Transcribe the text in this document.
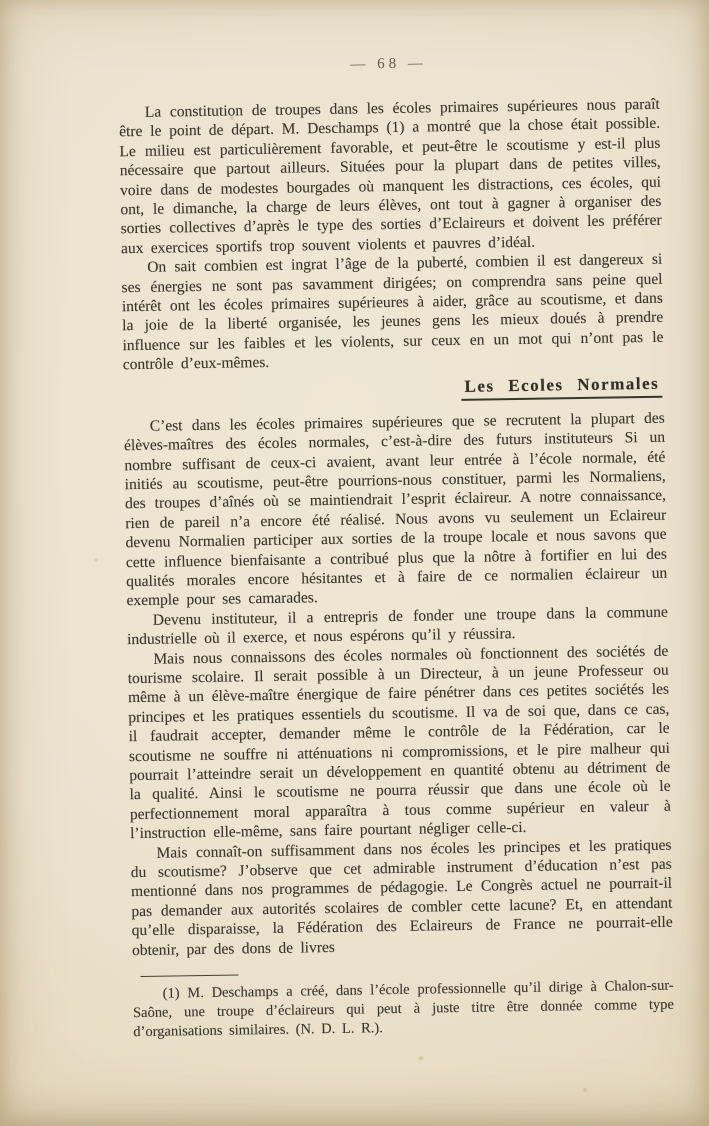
— 68 —

La constitution de troupes dans les écoles primaires supérieures nous paraît être le point de départ. M. Deschamps (1) a montré que la chose était possible. Le milieu est particulièrement favorable, et peut-être le scoutisme y est-il plus nécessaire que partout ailleurs. Situées pour la plupart dans de petites villes, voire dans de modestes bourgades où manquent les distractions, ces écoles, qui ont, le dimanche, la charge de leurs élèves, ont tout à gagner à organiser des sorties collectives d’après le type des sorties d’Eclaireurs et doivent les préférer aux exercices sportifs trop souvent violents et pauvres d’idéal.

On sait combien est ingrat l’âge de la puberté, combien il est dangereux si ses énergies ne sont pas savamment dirigées; on comprendra sans peine quel intérêt ont les écoles primaires supérieures à aider, grâce au scoutisme, et dans la joie de la liberté organisée, les jeunes gens les mieux doués à prendre influence sur les faibles et les violents, sur ceux en un mot qui n’ont pas le contrôle d’eux-mêmes.

Les Ecoles Normales

C’est dans les écoles primaires supérieures que se recrutent la plupart des élèves-maîtres des écoles normales, c’est-à-dire des futurs instituteurs Si un nombre suffisant de ceux-ci avaient, avant leur entrée à l’école normale, été initiés au scoutisme, peut-être pourrions-nous constituer, parmi les Normaliens, des troupes d’aînés où se maintiendrait l’esprit éclaireur. A notre connaissance, rien de pareil n’a encore été réalisé. Nous avons vu seulement un Eclaireur devenu Normalien participer aux sorties de la troupe locale et nous savons que cette influence bienfaisante a contribué plus que la nôtre à fortifier en lui des qualités morales encore hésitantes et à faire de ce normalien éclaireur un exemple pour ses camarades.

Devenu instituteur, il a entrepris de fonder une troupe dans la commune industrielle où il exerce, et nous espérons qu’il y réussira.

Mais nous connaissons des écoles normales où fonctionnent des sociétés de tourisme scolaire. Il serait possible à un Directeur, à un jeune Professeur ou même à un élève-maître énergique de faire pénétrer dans ces petites sociétés les principes et les pratiques essentiels du scoutisme. Il va de soi que, dans ce cas, il faudrait accepter, demander même le contrôle de la Fédération, car le scoutisme ne souffre ni atténuations ni compromissions, et le pire malheur qui pourrait l’atteindre serait un développement en quantité obtenu au détriment de la qualité. Ainsi le scoutisme ne pourra réussir que dans une école où le perfectionnement moral apparaîtra à tous comme supérieur en valeur à l’instruction elle-même, sans faire pourtant négliger celle-ci.

Mais connaît-on suffisamment dans nos écoles les principes et les pratiques du scoutisme? J’observe que cet admirable instrument d’éducation n’est pas mentionné dans nos programmes de pédagogie. Le Congrès actuel ne pourrait-il pas demander aux autorités scolaires de combler cette lacune? Et, en attendant qu’elle disparaisse, la Fédération des Eclaireurs de France ne pourrait-elle obtenir, par des dons de livres

(1) M. Deschamps a créé, dans l’école professionnelle qu’il dirige à Chalon-sur-Saône, une troupe d’éclaireurs qui peut à juste titre être donnée comme type d’organisations similaires. (N. D. L. R.).
